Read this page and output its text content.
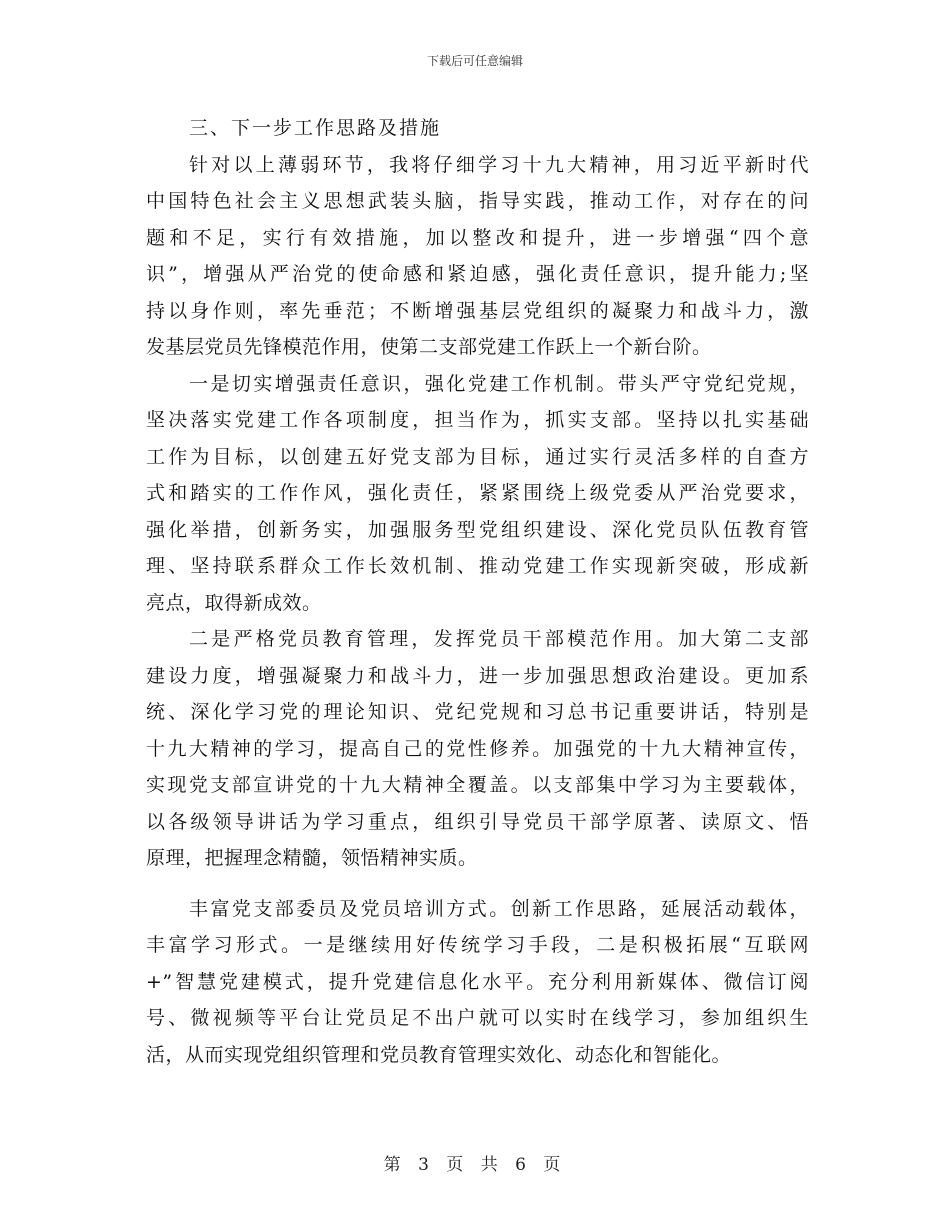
下载后可任意编辑
三、下一步工作思路及措施
针对以上薄弱环节，我将仔细学习十九大精神，用习近平新时代
中国特色社会主义思想武装头脑，指导实践，推动工作，对存在的问
题和不足，实行有效措施，加以整改和提升，进一步增强“四个意
识”，增强从严治党的使命感和紧迫感，强化责任意识，提升能力;坚
持以身作则，率先垂范；不断增强基层党组织的凝聚力和战斗力，激
发基层党员先锋模范作用，使第二支部党建工作跃上一个新台阶。
一是切实增强责任意识，强化党建工作机制。带头严守党纪党规，
坚决落实党建工作各项制度，担当作为，抓实支部。坚持以扎实基础
工作为目标，以创建五好党支部为目标，通过实行灵活多样的自查方
式和踏实的工作作风，强化责任，紧紧围绕上级党委从严治党要求，
强化举措，创新务实，加强服务型党组织建设、深化党员队伍教育管
理、坚持联系群众工作长效机制、推动党建工作实现新突破，形成新
亮点，取得新成效。
二是严格党员教育管理，发挥党员干部模范作用。加大第二支部
建设力度，增强凝聚力和战斗力，进一步加强思想政治建设。更加系
统、深化学习党的理论知识、党纪党规和习总书记重要讲话，特别是
十九大精神的学习，提高自己的党性修养。加强党的十九大精神宣传，
实现党支部宣讲党的十九大精神全覆盖。以支部集中学习为主要载体，
以各级领导讲话为学习重点，组织引导党员干部学原著、读原文、悟
原理，把握理念精髓，领悟精神实质。
丰富党支部委员及党员培训方式。创新工作思路，延展活动载体，
丰富学习形式。一是继续用好传统学习手段，二是积极拓展“互联网
+”智慧党建模式，提升党建信息化水平。充分利用新媒体、微信订阅
号、微视频等平台让党员足不出户就可以实时在线学习，参加组织生
活，从而实现党组织管理和党员教育管理实效化、动态化和智能化。
第 3 页 共 6 页
